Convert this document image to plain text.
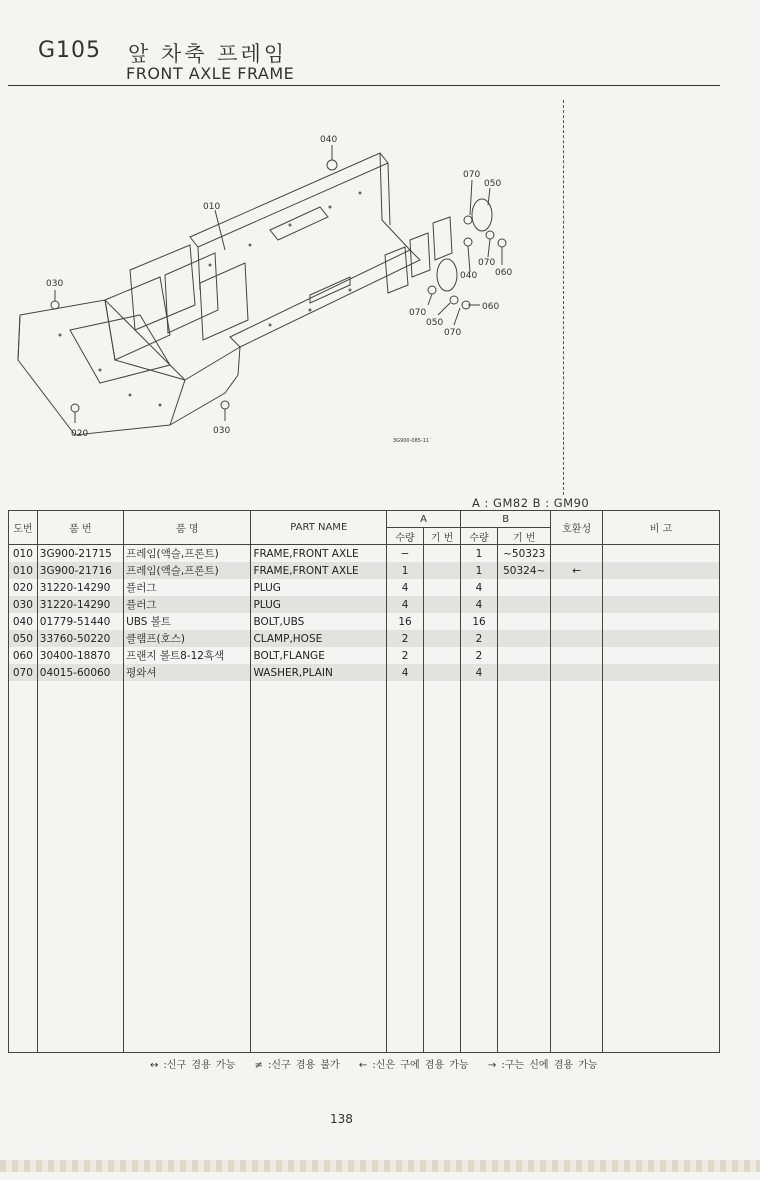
G105 앞 차축 프레임
FRONT AXLE FRAME
040
010
030
020	030
070
050
070
060
040
060
070
050
070
3G900-085-11
A : GM82 B : GM90
도번	품 번	품 명	PART NAME	A		B		호환성	비 고
				수량	기 번	수량	기 번		
010	3G900-21715	프레임(액슬,프론트)	FRAME,FRONT AXLE	−		1	~50323		
010	3G900-21716	프레임(액슬,프론트)	FRAME,FRONT AXLE	1		1	50324~	←	
020	31220-14290	플러그	PLUG	4		4			
030	31220-14290	플러그	PLUG	4		4			
040	01779-51440	UBS 볼트	BOLT,UBS	16		16			
050	33760-50220	클램프(호스)	CLAMP,HOSE	2		2			
060	30400-18870	프랜지 볼트8-12흑색	BOLT,FLANGE	2		2			
070	04015-60060	평와셔	WASHER,PLAIN	4		4			

↔ :신구 겸용 가능 ≠ :신구 겸용 불가 ← :신은 구에 겸용 가능 → :구는 신에 겸용 가능
138
